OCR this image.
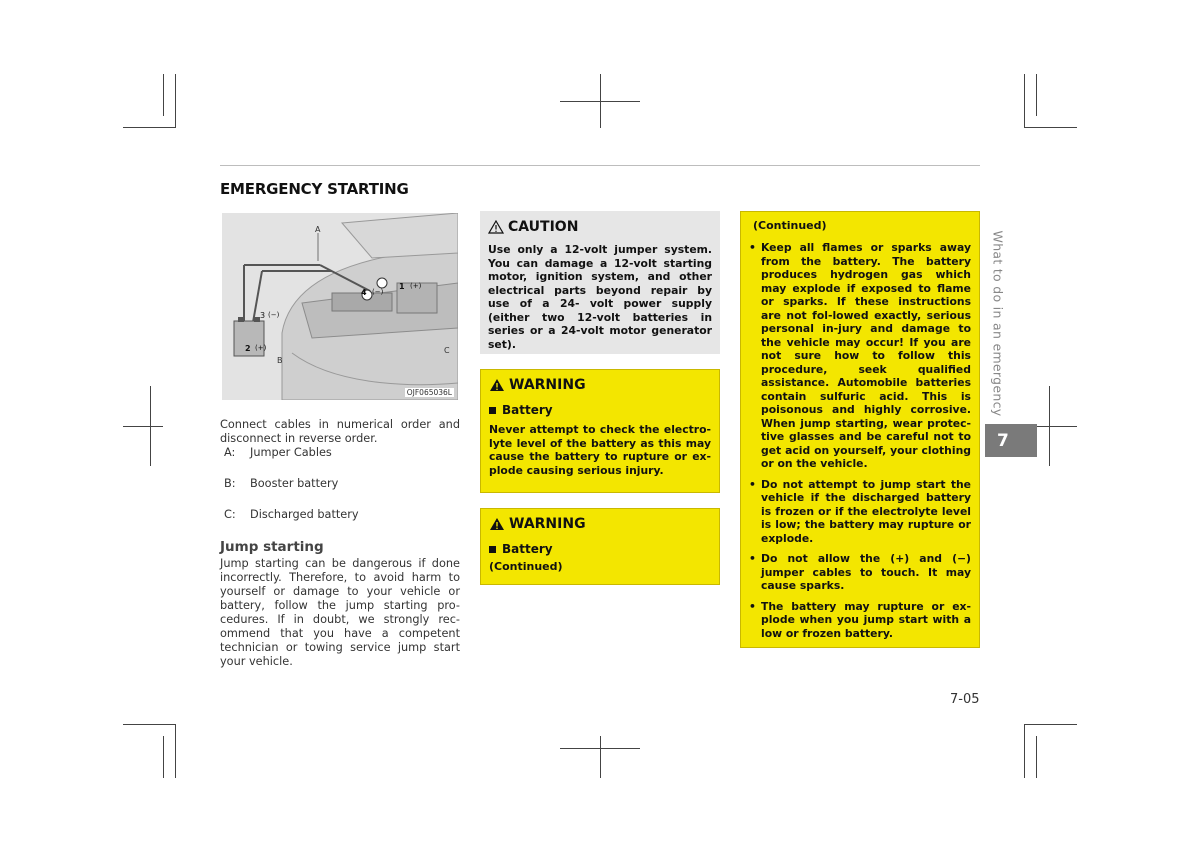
EMERGENCY STARTING
A
B
C
1 (+)
2 (+)
3 (−)
4 (−)
OJF065036L
Connect cables in numerical order and disconnect in reverse order.
A: Jumper Cables
B: Booster battery
C: Discharged battery
Jump starting
Jump starting can be dangerous if done incorrectly. Therefore, to avoid harm to yourself or damage to your vehicle or battery, follow the jump starting pro-cedures. If in doubt, we strongly rec-ommend that you have a competent technician or towing service jump start your vehicle.
CAUTION
Use only a 12-volt jumper system. You can damage a 12-volt starting motor, ignition system, and other electrical parts beyond repair by use of a 24- volt power supply (either two 12-volt batteries in series or a 24-volt motor generator set).
WARNING
Battery
Never attempt to check the electro-lyte level of the battery as this may cause the battery to rupture or ex-plode causing serious injury.
WARNING
Battery
(Continued)
(Continued)
• Keep all flames or sparks away from the battery. The battery produces hydrogen gas which may explode if exposed to flame or sparks. If these instructions are not fol-lowed exactly, serious personal in-jury and damage to the vehicle may occur! If you are not sure how to follow this procedure, seek qualified assistance. Automobile batteries contain sulfuric acid. This is poisonous and highly corrosive. When jump starting, wear protec-tive glasses and be careful not to get acid on yourself, your clothing or on the vehicle.
• Do not attempt to jump start the vehicle if the discharged battery is frozen or if the electrolyte level is low; the battery may rupture or explode.
• Do not allow the (+) and (−) jumper cables to touch. It may cause sparks.
• The battery may rupture or ex-plode when you jump start with a low or frozen battery.
What to do in an emergency
7
7-05
